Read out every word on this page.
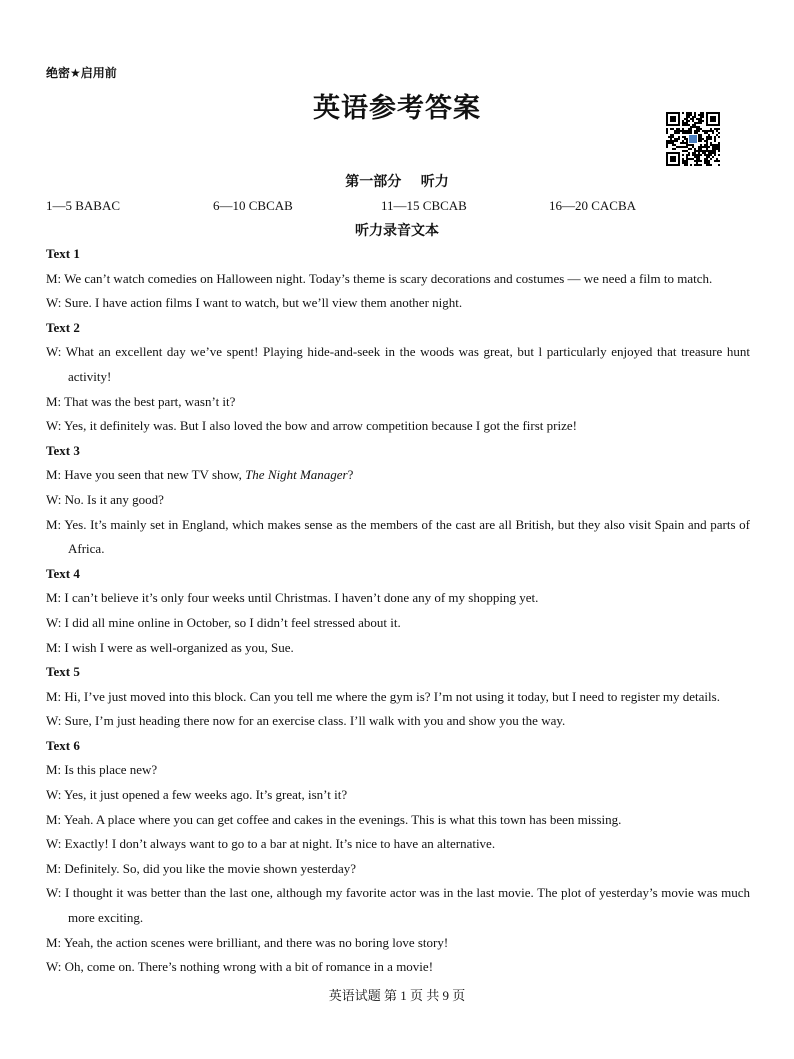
绝密★启用前
英语参考答案
第一部分    听力
1—5 BABAC	6—10 CBCAB	11—15 CBCAB	16—20 CACBA
听力录音文本
Text 1
M: We can’t watch comedies on Halloween night. Today’s theme is scary decorations and costumes — we need a film to match.
W: Sure. I have action films I want to watch, but we’ll view them another night.
Text 2
W: What an excellent day we’ve spent! Playing hide-and-seek in the woods was great, but l particularly enjoyed that treasure hunt activity!
M: That was the best part, wasn’t it?
W: Yes, it definitely was. But I also loved the bow and arrow competition because I got the first prize!
Text 3
M: Have you seen that new TV show, The Night Manager?
W: No. Is it any good?
M: Yes. It’s mainly set in England, which makes sense as the members of the cast are all British, but they also visit Spain and parts of Africa.
Text 4
M: I can’t believe it’s only four weeks until Christmas. I haven’t done any of my shopping yet.
W: I did all mine online in October, so I didn’t feel stressed about it.
M: I wish I were as well-organized as you, Sue.
Text 5
M: Hi, I’ve just moved into this block. Can you tell me where the gym is? I’m not using it today, but I need to register my details.
W: Sure, I’m just heading there now for an exercise class. I’ll walk with you and show you the way.
Text 6
M: Is this place new?
W: Yes, it just opened a few weeks ago. It’s great, isn’t it?
M: Yeah. A place where you can get coffee and cakes in the evenings. This is what this town has been missing.
W: Exactly! I don’t always want to go to a bar at night. It’s nice to have an alternative.
M: Definitely. So, did you like the movie shown yesterday?
W: I thought it was better than the last one, although my favorite actor was in the last movie. The plot of yesterday’s movie was much more exciting.
M: Yeah, the action scenes were brilliant, and there was no boring love story!
W: Oh, come on. There’s nothing wrong with a bit of romance in a movie!
英语试题 第 1 页 共 9 页
